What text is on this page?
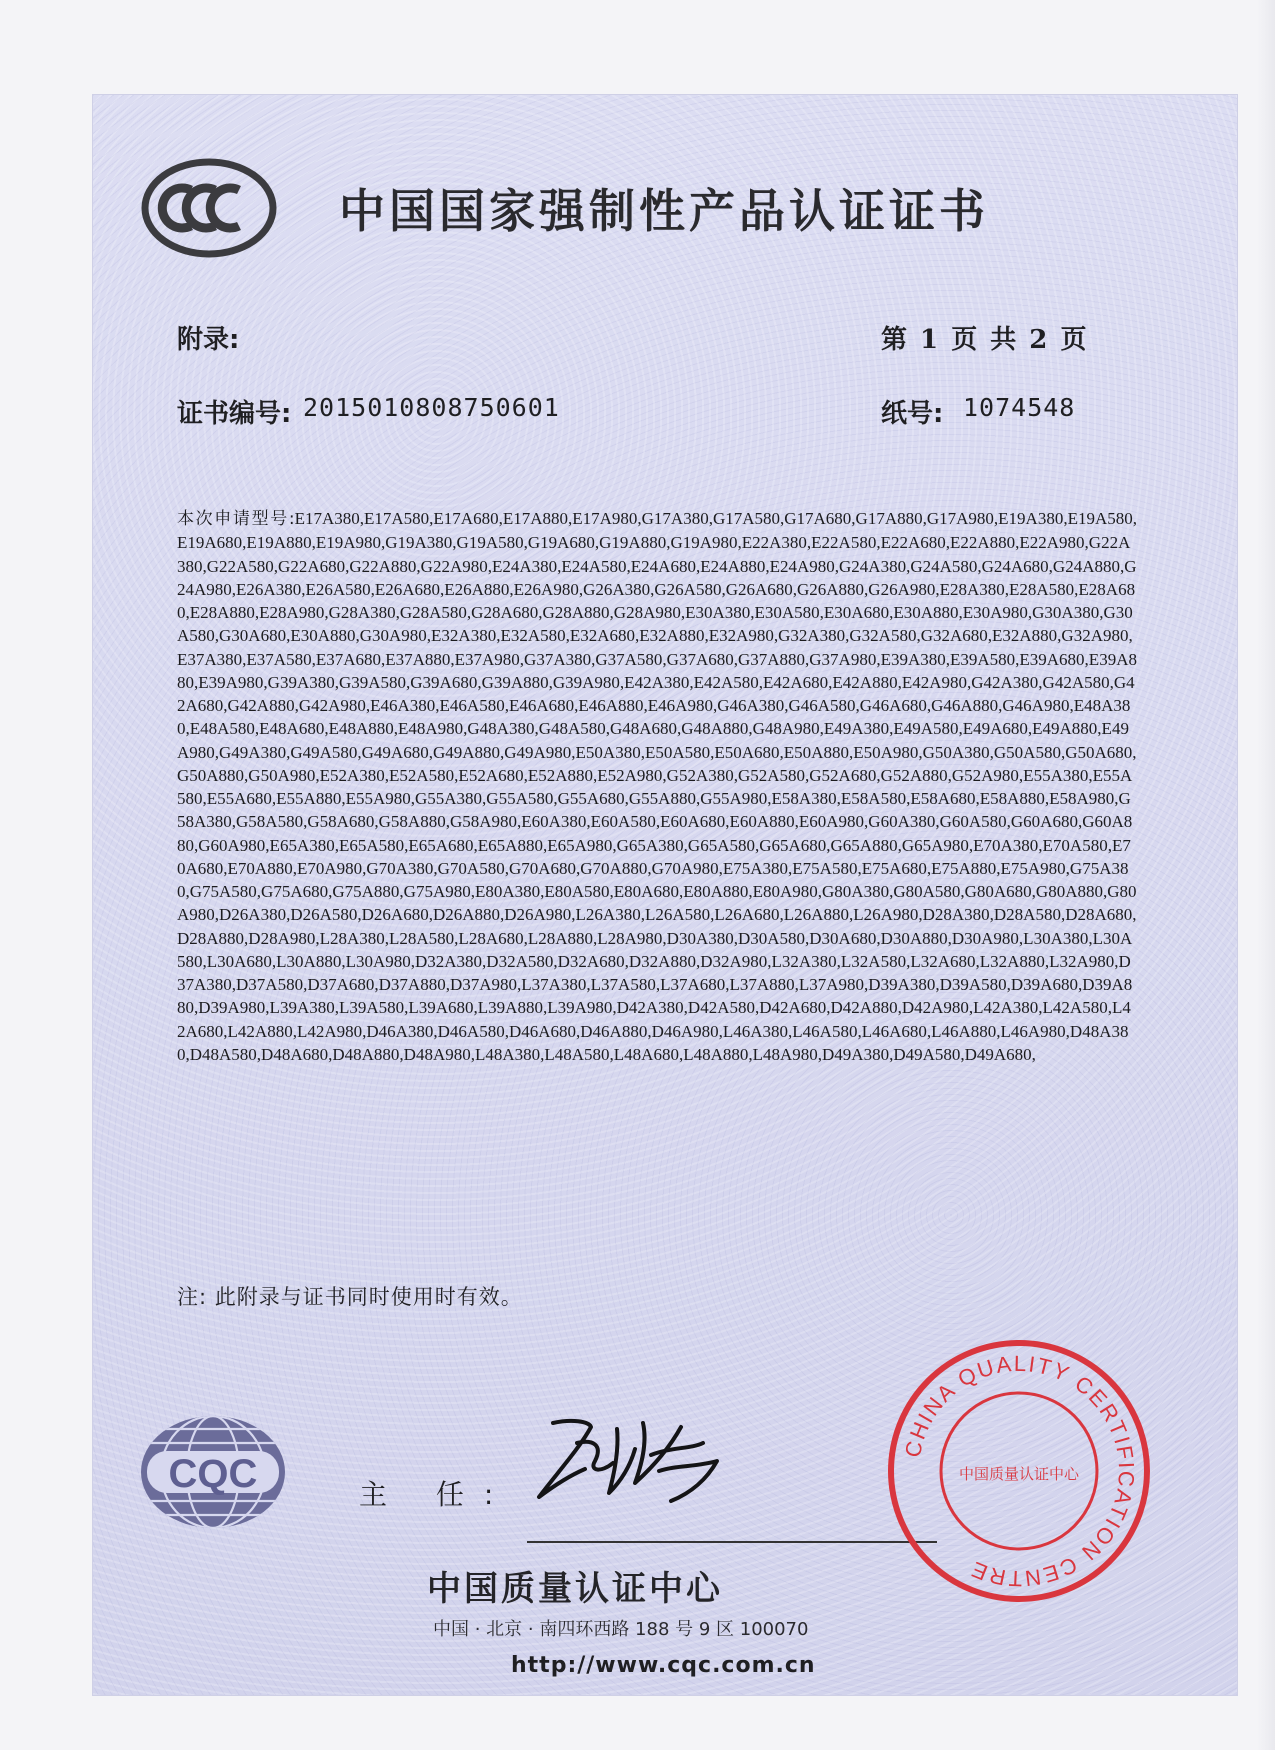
CCC	中国国家强制性产品认证证书
附录:	第 1 页 共 2 页
证书编号: 2015010808750601	纸号: 1074548
本次申请型号:E17A380,E17A580,E17A680,E17A880,E17A980,G17A380,G17A580,G17A680,G17A880,G17A980,E19A380,E19A580,E19A680,E19A880,E19A980,G19A380,G19A580,G19A680,G19A880,G19A980,E22A380,E22A580,E22A680,E22A880,E22A980,G22A380,G22A580,G22A680,G22A880,G22A980,E24A380,E24A580,E24A680,E24A880,E24A980,G24A380,G24A580,G24A680,G24A880,G24A980,E26A380,E26A580,E26A680,E26A880,E26A980,G26A380,G26A580,G26A680,G26A880,G26A980,E28A380,E28A580,E28A680,E28A880,E28A980,G28A380,G28A580,G28A680,G28A880,G28A980,E30A380,E30A580,E30A680,E30A880,E30A980,G30A380,G30A580,G30A680,E30A880,G30A980,E32A380,E32A580,E32A680,E32A880,E32A980,G32A380,G32A580,G32A680,E32A880,G32A980,E37A380,E37A580,E37A680,E37A880,E37A980,G37A380,G37A580,G37A680,G37A880,G37A980,E39A380,E39A580,E39A680,E39A880,E39A980,G39A380,G39A580,G39A680,G39A880,G39A980,E42A380,E42A580,E42A680,E42A880,E42A980,G42A380,G42A580,G42A680,G42A880,G42A980,E46A380,E46A580,E46A680,E46A880,E46A980,G46A380,G46A580,G46A680,G46A880,G46A980,E48A380,E48A580,E48A680,E48A880,E48A980,G48A380,G48A580,G48A680,G48A880,G48A980,E49A380,E49A580,E49A680,E49A880,E49A980,G49A380,G49A580,G49A680,G49A880,G49A980,E50A380,E50A580,E50A680,E50A880,E50A980,G50A380,G50A580,G50A680,G50A880,G50A980,E52A380,E52A580,E52A680,E52A880,E52A980,G52A380,G52A580,G52A680,G52A880,G52A980,E55A380,E55A580,E55A680,E55A880,E55A980,G55A380,G55A580,G55A680,G55A880,G55A980,E58A380,E58A580,E58A680,E58A880,E58A980,G58A380,G58A580,G58A680,G58A880,G58A980,E60A380,E60A580,E60A680,E60A880,E60A980,G60A380,G60A580,G60A680,G60A880,G60A980,E65A380,E65A580,E65A680,E65A880,E65A980,G65A380,G65A580,G65A680,G65A880,G65A980,E70A380,E70A580,E70A680,E70A880,E70A980,G70A380,G70A580,G70A680,G70A880,G70A980,E75A380,E75A580,E75A680,E75A880,E75A980,G75A380,G75A580,G75A680,G75A880,G75A980,E80A380,E80A580,E80A680,E80A880,E80A980,G80A380,G80A580,G80A680,G80A880,G80A980,D26A380,D26A580,D26A680,D26A880,D26A980,L26A380,L26A580,L26A680,L26A880,L26A980,D28A380,D28A580,D28A680,D28A880,D28A980,L28A380,L28A580,L28A680,L28A880,L28A980,D30A380,D30A580,D30A680,D30A880,D30A980,L30A380,L30A580,L30A680,L30A880,L30A980,D32A380,D32A580,D32A680,D32A880,D32A980,L32A380,L32A580,L32A680,L32A880,L32A980,D37A380,D37A580,D37A680,D37A880,D37A980,L37A380,L37A580,L37A680,L37A880,L37A980,D39A380,D39A580,D39A680,D39A880,D39A980,L39A380,L39A580,L39A680,L39A880,L39A980,D42A380,D42A580,D42A680,D42A880,D42A980,L42A380,L42A580,L42A680,L42A880,L42A980,D46A380,D46A580,D46A680,D46A880,D46A980,L46A380,L46A580,L46A680,L46A880,L46A980,D48A380,D48A580,D48A680,D48A880,D48A980,L48A380,L48A580,L48A680,L48A880,L48A980,D49A380,D49A580,D49A680,
注: 此附录与证书同时使用时有效。
CQC	主 任:
中国质量认证中心
中国 · 北京 · 南四环西路 188 号 9 区 100070
http://www.cqc.com.cn
CHINA QUALITY CERTIFICATION CENTRE
中国质量认证中心
